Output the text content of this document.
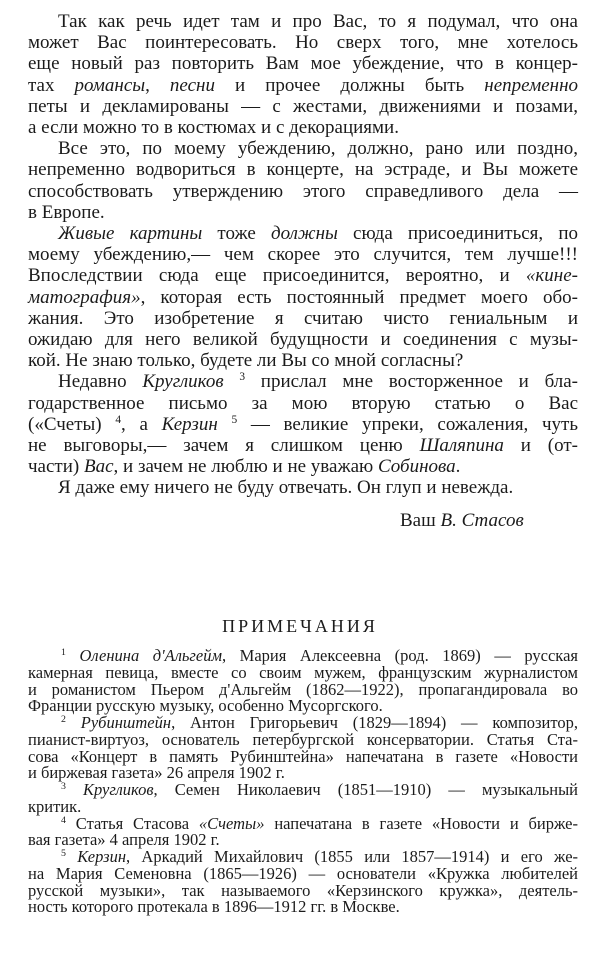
Так как речь идет там и про Вас, то я подумал, что она
может Вас поинтересовать. Но сверх того, мне хотелось
еще новый раз повторить Вам мое убеждение, что в концер-
тах романсы, песни и прочее должны быть непременно
петы и декламированы — с жестами, движениями и позами,
а если можно то в костюмах и с декорациями.
Все это, по моему убеждению, должно, рано или поздно,
непременно водвориться в концерте, на эстраде, и Вы можете
способствовать утверждению этого справедливого дела —
в Европе.
Живые картины тоже должны сюда присоединиться, по
моему убеждению,— чем скорее это случится, тем лучше!!!
Впоследствии сюда еще присоединится, вероятно, и «кине-
матография», которая есть постоянный предмет моего обо-
жания. Это изобретение я считаю чисто гениальным и
ожидаю для него великой будущности и соединения с музы-
кой. Не знаю только, будете ли Вы со мной согласны?
Недавно Кругликов $^3$ прислал мне восторженное и бла-
годарственное письмо за мою вторую статью о Вас
(«Счеты) $^4$, а Керзин $^5$ — великие упреки, сожаления, чуть
не выговоры,— зачем я слишком ценю Шаляпина и (от-
части) Вас, и зачем не люблю и не уважаю Собинова.
Я даже ему ничего не буду отвечать. Он глуп и невежда.
Ваш В. Стасов
ПРИМЕЧАНИЯ
$^1$ Оленина д'Альгейм, Мария Алексеевна (род. 1869) — русская
камерная певица, вместе со своим мужем, французским журналистом
и романистом Пьером д'Альгейм (1862—1922), пропагандировала во
Франции русскую музыку, особенно Мусоргского.
$^2$ Рубинштейн, Антон Григорьевич (1829—1894) — композитор,
пианист-виртуоз, основатель петербургской консерватории. Статья Ста-
сова «Концерт в память Рубинштейна» напечатана в газете «Новости
и биржевая газета» 26 апреля 1902 г.
$^3$ Кругликов, Семен Николаевич (1851—1910) — музыкальный
критик.
$^4$ Статья Стасова «Счеты» напечатана в газете «Новости и бирже-
вая газета» 4 апреля 1902 г.
$^5$ Керзин, Аркадий Михайлович (1855 или 1857—1914) и его же-
на Мария Семеновна (1865—1926) — основатели «Кружка любителей
русской музыки», так называемого «Керзинского кружка», деятель-
ность которого протекала в 1896—1912 гг. в Москве.
